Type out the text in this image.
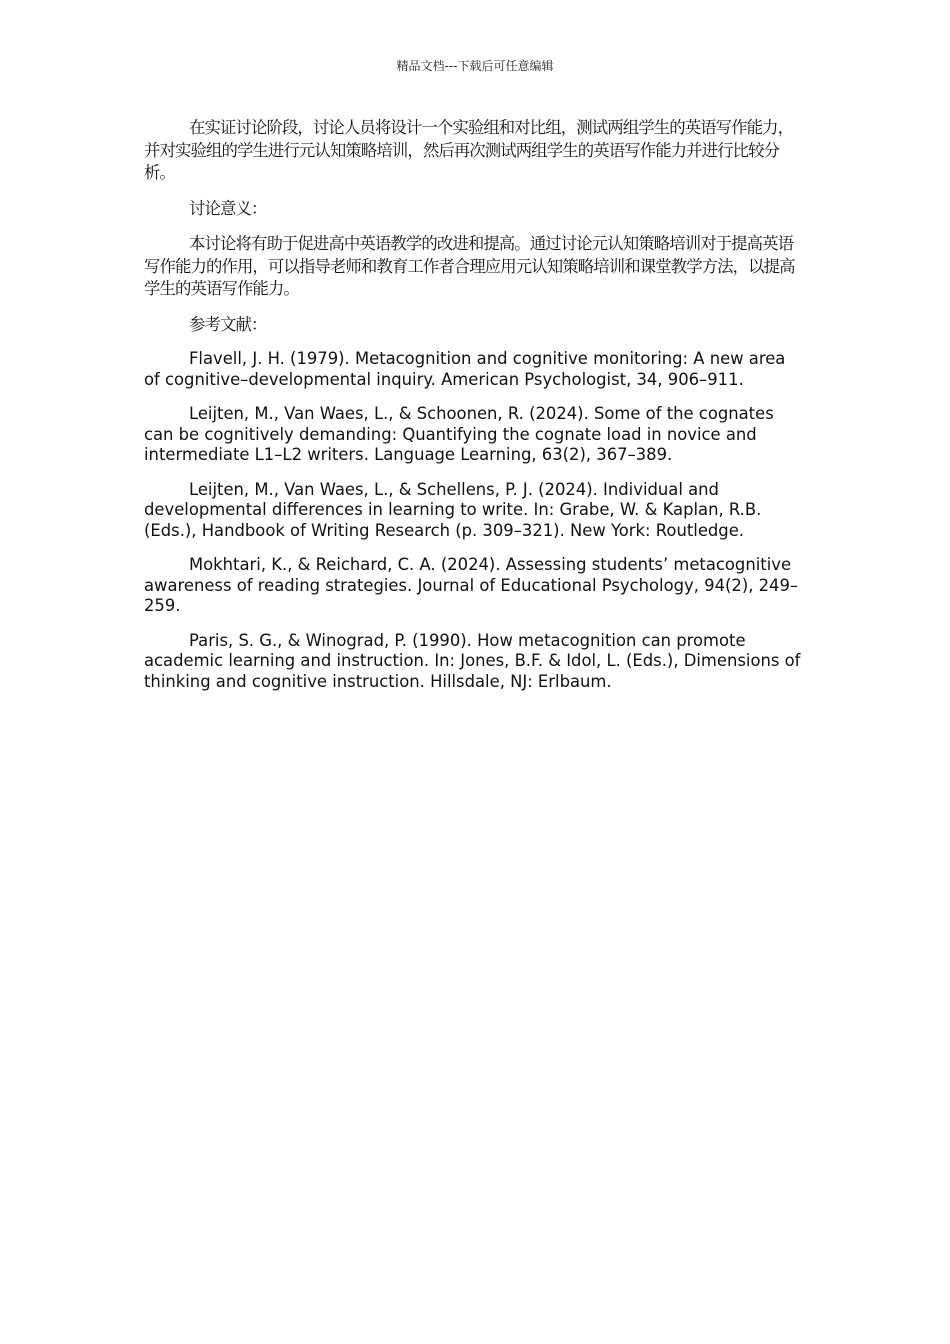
精品文档---下载后可任意编辑

在实证讨论阶段，讨论人员将设计一个实验组和对比组，测试两组学生的英语写作能力，并对实验组的学生进行元认知策略培训，然后再次测试两组学生的英语写作能力并进行比较分析。

讨论意义：

本讨论将有助于促进高中英语教学的改进和提高。通过讨论元认知策略培训对于提高英语写作能力的作用，可以指导老师和教育工作者合理应用元认知策略培训和课堂教学方法，以提高学生的英语写作能力。

参考文献：

Flavell, J. H. (1979). Metacognition and cognitive monitoring: A new area of cognitive–developmental inquiry. American Psychologist, 34, 906–911.

Leijten, M., Van Waes, L., & Schoonen, R. (2024). Some of the cognates can be cognitively demanding: Quantifying the cognate load in novice and intermediate L1–L2 writers. Language Learning, 63(2), 367–389.

Leijten, M., Van Waes, L., & Schellens, P. J. (2024). Individual and developmental differences in learning to write. In: Grabe, W. & Kaplan, R.B. (Eds.), Handbook of Writing Research (p. 309–321). New York: Routledge.

Mokhtari, K., & Reichard, C. A. (2024). Assessing students’ metacognitive awareness of reading strategies. Journal of Educational Psychology, 94(2), 249–259.

Paris, S. G., & Winograd, P. (1990). How metacognition can promote academic learning and instruction. In: Jones, B.F. & Idol, L. (Eds.), Dimensions of thinking and cognitive instruction. Hillsdale, NJ: Erlbaum.
